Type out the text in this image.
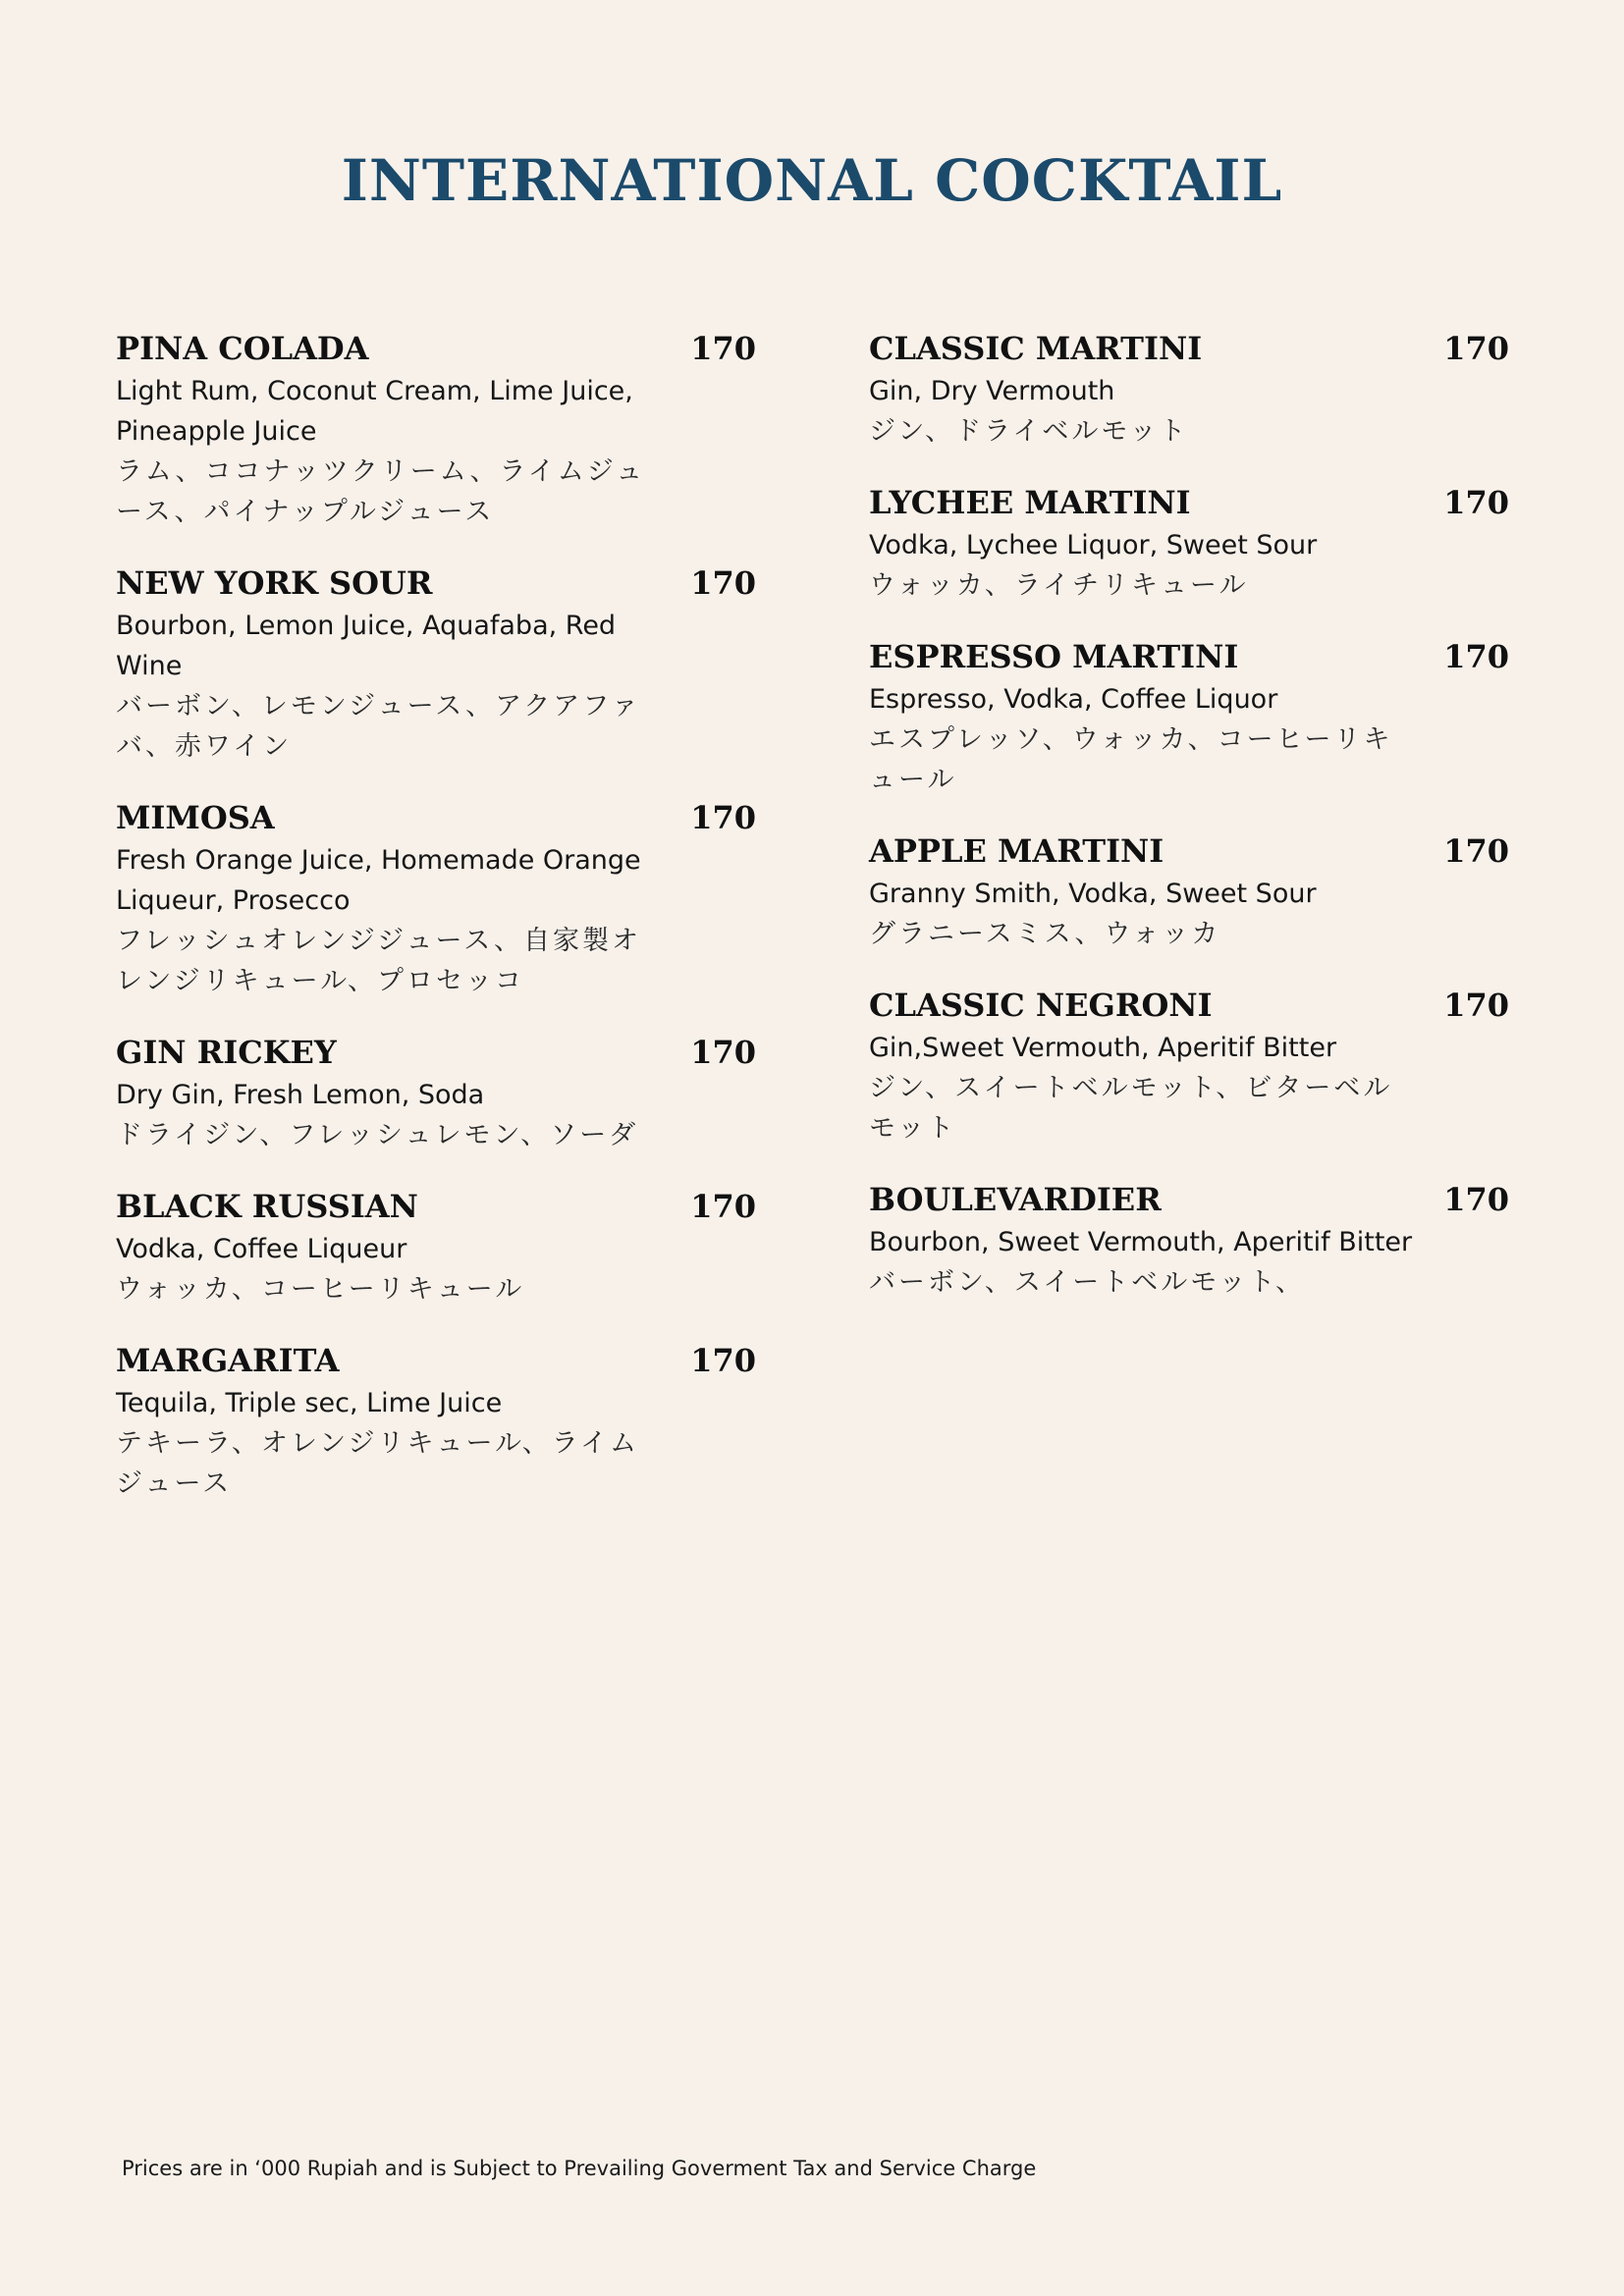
INTERNATIONAL COCKTAIL
PINA COLADA	170
Light Rum, Coconut Cream, Lime Juice, Pineapple Juice
ラム、ココナッツクリーム、ライムジュース、パイナップルジュース
NEW YORK SOUR	170
Bourbon, Lemon Juice, Aquafaba, Red Wine
バーボン、レモンジュース、アクアファバ、赤ワイン
MIMOSA	170
Fresh Orange Juice, Homemade Orange Liqueur, Prosecco
フレッシュオレンジジュース、自家製オレンジリキュール、プロセッコ
GIN RICKEY	170
Dry Gin, Fresh Lemon, Soda
ドライジン、フレッシュレモン、ソーダ
BLACK RUSSIAN	170
Vodka, Coffee Liqueur
ウォッカ、コーヒーリキュール
MARGARITA	170
Tequila, Triple sec, Lime Juice
テキーラ、オレンジリキュール、ライムジュース
CLASSIC MARTINI	170
Gin, Dry Vermouth
ジン、ドライベルモット
LYCHEE MARTINI	170
Vodka, Lychee Liquor, Sweet Sour
ウォッカ、ライチリキュール
ESPRESSO MARTINI	170
Espresso, Vodka, Coffee Liquor
エスプレッソ、ウォッカ、コーヒーリキュール
APPLE MARTINI	170
Granny Smith, Vodka, Sweet Sour
グラニースミス、ウォッカ
CLASSIC NEGRONI	170
Gin,Sweet Vermouth, Aperitif Bitter
ジン、スイートベルモット、ビターベルモット
BOULEVARDIER	170
Bourbon, Sweet Vermouth, Aperitif Bitter
バーボン、スイートベルモット、
Prices are in ‘000 Rupiah and is Subject to Prevailing Goverment Tax and Service Charge
